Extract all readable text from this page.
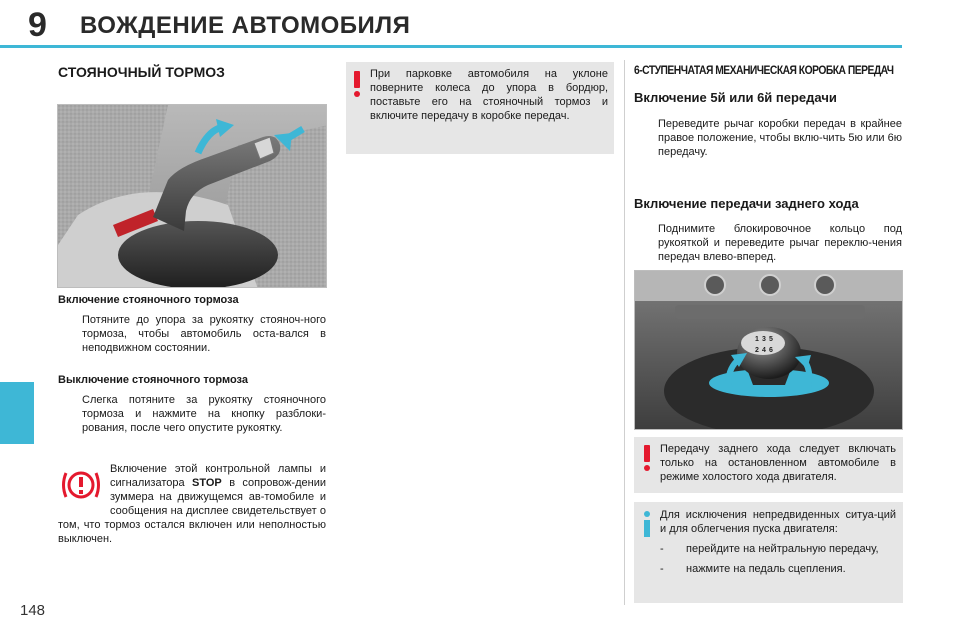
9 ВОЖДЕНИЕ АВТОМОБИЛЯ
148
СТОЯНОЧНЫЙ ТОРМОЗ
Включение стояночного тормоза
Потяните до упора за рукоятку стояноч-ного тормоза, чтобы автомобиль оста-вался в неподвижном состоянии.
Выключение стояночного тормоза
Слегка потяните за рукоятку стояночного тормоза и нажмите на кнопку разблоки-рования, после чего опустите рукоятку.
Включение этой контрольной лампы и сигнализатора STOP в сопровож-дении зуммера на движущемся ав-томобиле и сообщения на дисплее свидетельствует о том, что тормоз остался включен или неполностью выключен.
При парковке автомобиля на уклоне поверните колеса до упора в бордюр, поставьте его на стояночный тормоз и включите передачу в коробке передач.
6-СТУПЕНЧАТАЯ МЕХАНИЧЕСКАЯ КОРОБКА ПЕРЕДАЧ
Включение 5й или 6й передачи
Переведите рычаг коробки передач в крайнее правое положение, чтобы вклю-чить 5ю или 6ю передачу.
Включение передачи заднего хода
Поднимите блокировочное кольцо под рукояткой и переведите рычаг переклю-чения передач влево-вперед.
1 3 5
2 4 6
Передачу заднего хода следует включать только на остановленном автомобиле в режиме холостого хода двигателя.
Для исключения непредвиденных ситуа-ций и для облегчения пуска двигателя:
- перейдите на нейтральную передачу,
- нажмите на педаль сцепления.
